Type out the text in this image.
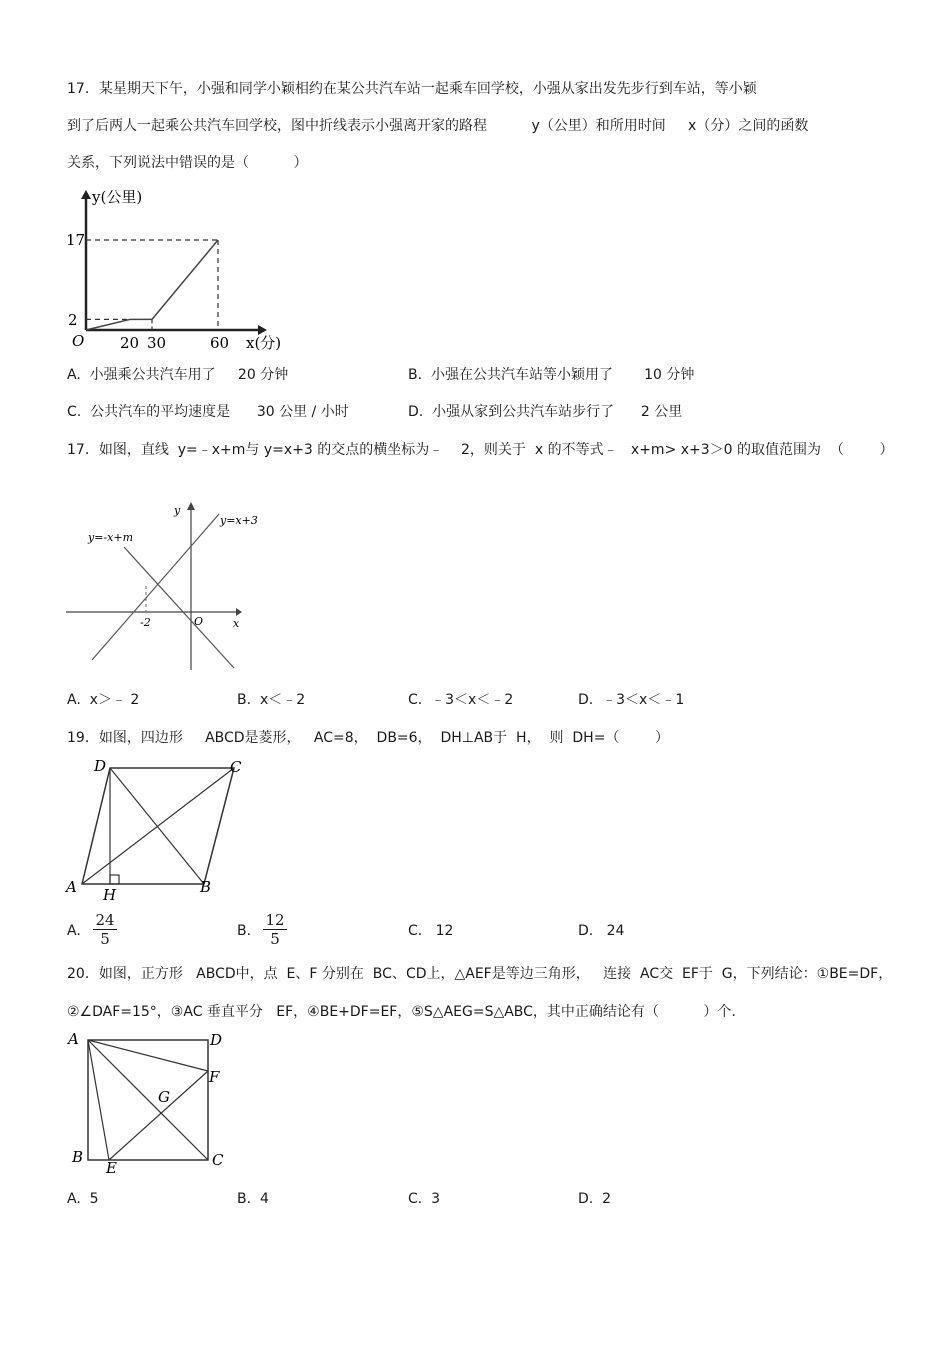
17．某星期天下午，小强和同学小颖相约在某公共汽车站一起乘车回学校，小强从家出发先步行到车站，等小颖
到了后两人一起乘公共汽车回学校，图中折线表示小强离开家的路程          y（公里）和所用时间     x（分）之间的函数
关系，下列说法中错误的是（          ）
y(公里)
x(分)
O
17
2
20 30	60
A.  小强乘公共汽车用了     20 分钟	B.  小强在公共汽车站等小颖用了       10 分钟
C.  公共汽车的平均速度是      30 公里 / 小时	D.  小强从家到公共汽车站步行了      2 公里
17．如图，直线  y=﹣x+m与 y=x+3 的交点的横坐标为﹣    2，则关于  x 的不等式﹣   x+m> x+3＞0 的取值范围为  （        ）
y=-x+m
y=x+3
y
x
O
-2
A.  x＞﹣ 2	B.  x＜﹣2	C.  ﹣3＜x＜﹣2	D.  ﹣3＜x＜﹣1
19．如图，四边形     ABCD是菱形，   AC=8，  DB=6，  DH⊥AB于  H，  则  DH=（        ）
A	B
C
D
H
A.
24
5	B.
12
5	C.   12	D.   24
20．如图，正方形   ABCD中，点  E、F 分别在  BC、CD上，△AEF是等边三角形，   连接  AC交  EF于  G，下列结论：①BE=DF，
②∠DAF=15°，③AC 垂直平分   EF，④BE+DF=EF，⑤S△AEG=S△ABC，其中正确结论有（          ）个.
A
B	C
D
E
F
G
A.  5	B.  4	C.  3	D.  2
